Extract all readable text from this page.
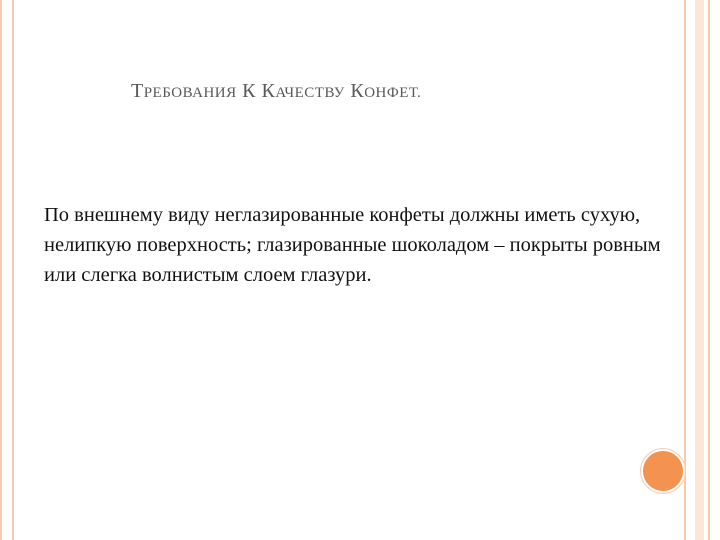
ТРЕБОВАНИЯ К КАЧЕСТВУ КОНФЕТ.

По внешнему виду неглазированные конфеты должны иметь сухую, нелипкую поверхность; глазированные шоколадом – покрыты ровным или слегка волнистым слоем глазури.
